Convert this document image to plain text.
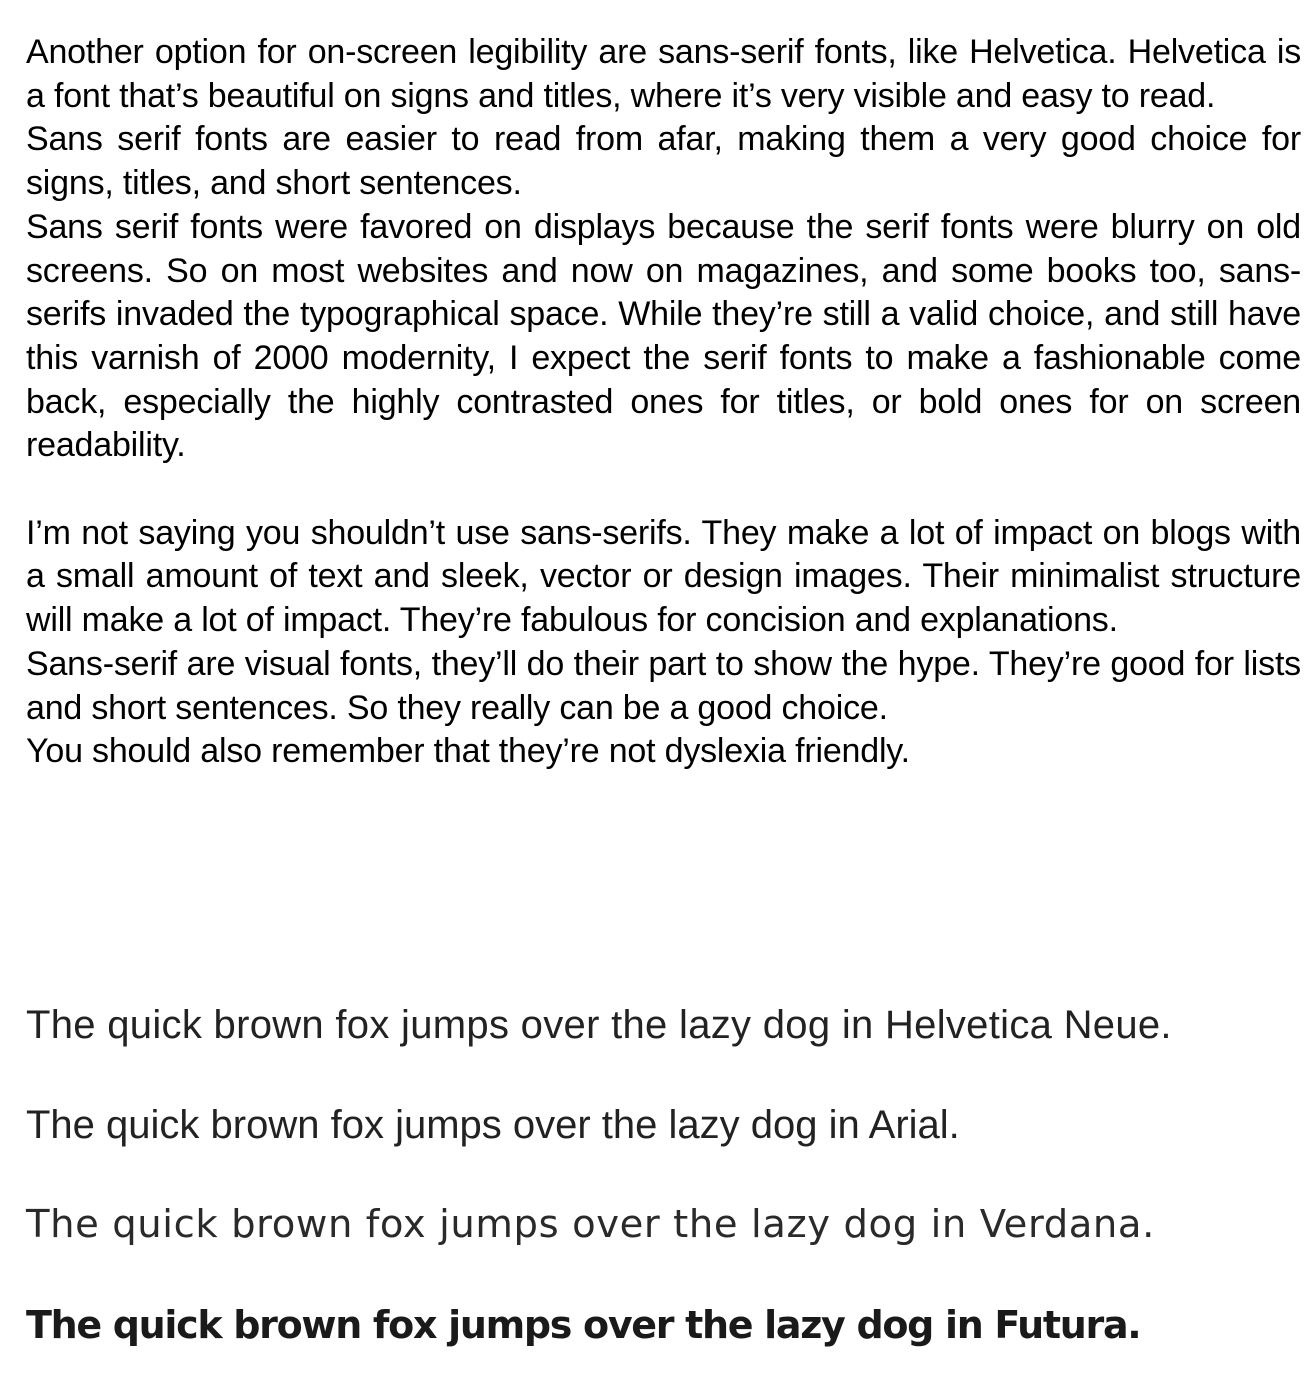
Another option for on-screen legibility are sans-serif fonts, like Helvetica. Helvetica is a font that’s beautiful on signs and titles, where it’s very visible and easy to read.

Sans serif fonts are easier to read from afar, making them a very good choice for signs, titles, and short sentences.

Sans serif fonts were favored on displays because the serif fonts were blurry on old screens. So on most websites and now on magazines, and some books too, sans-serifs invaded the typographical space. While they’re still a valid choice, and still have this varnish of 2000 modernity, I expect the serif fonts to make a fashionable come back, especially the highly contrasted ones for titles, or bold ones for on screen readability.

I’m not saying you shouldn’t use sans-serifs. They make a lot of impact on blogs with a small amount of text and sleek, vector or design images. Their minimalist structure will make a lot of impact. They’re fabulous for concision and explanations.

Sans-serif are visual fonts, they’ll do their part to show the hype. They’re good for lists and short sentences. So they really can be a good choice.

You should also remember that they’re not dyslexia friendly.

The quick brown fox jumps over the lazy dog in Helvetica Neue.

The quick brown fox jumps over the lazy dog in Arial.

The quick brown fox jumps over the lazy dog in Verdana.

The quick brown fox jumps over the lazy dog in Futura.
